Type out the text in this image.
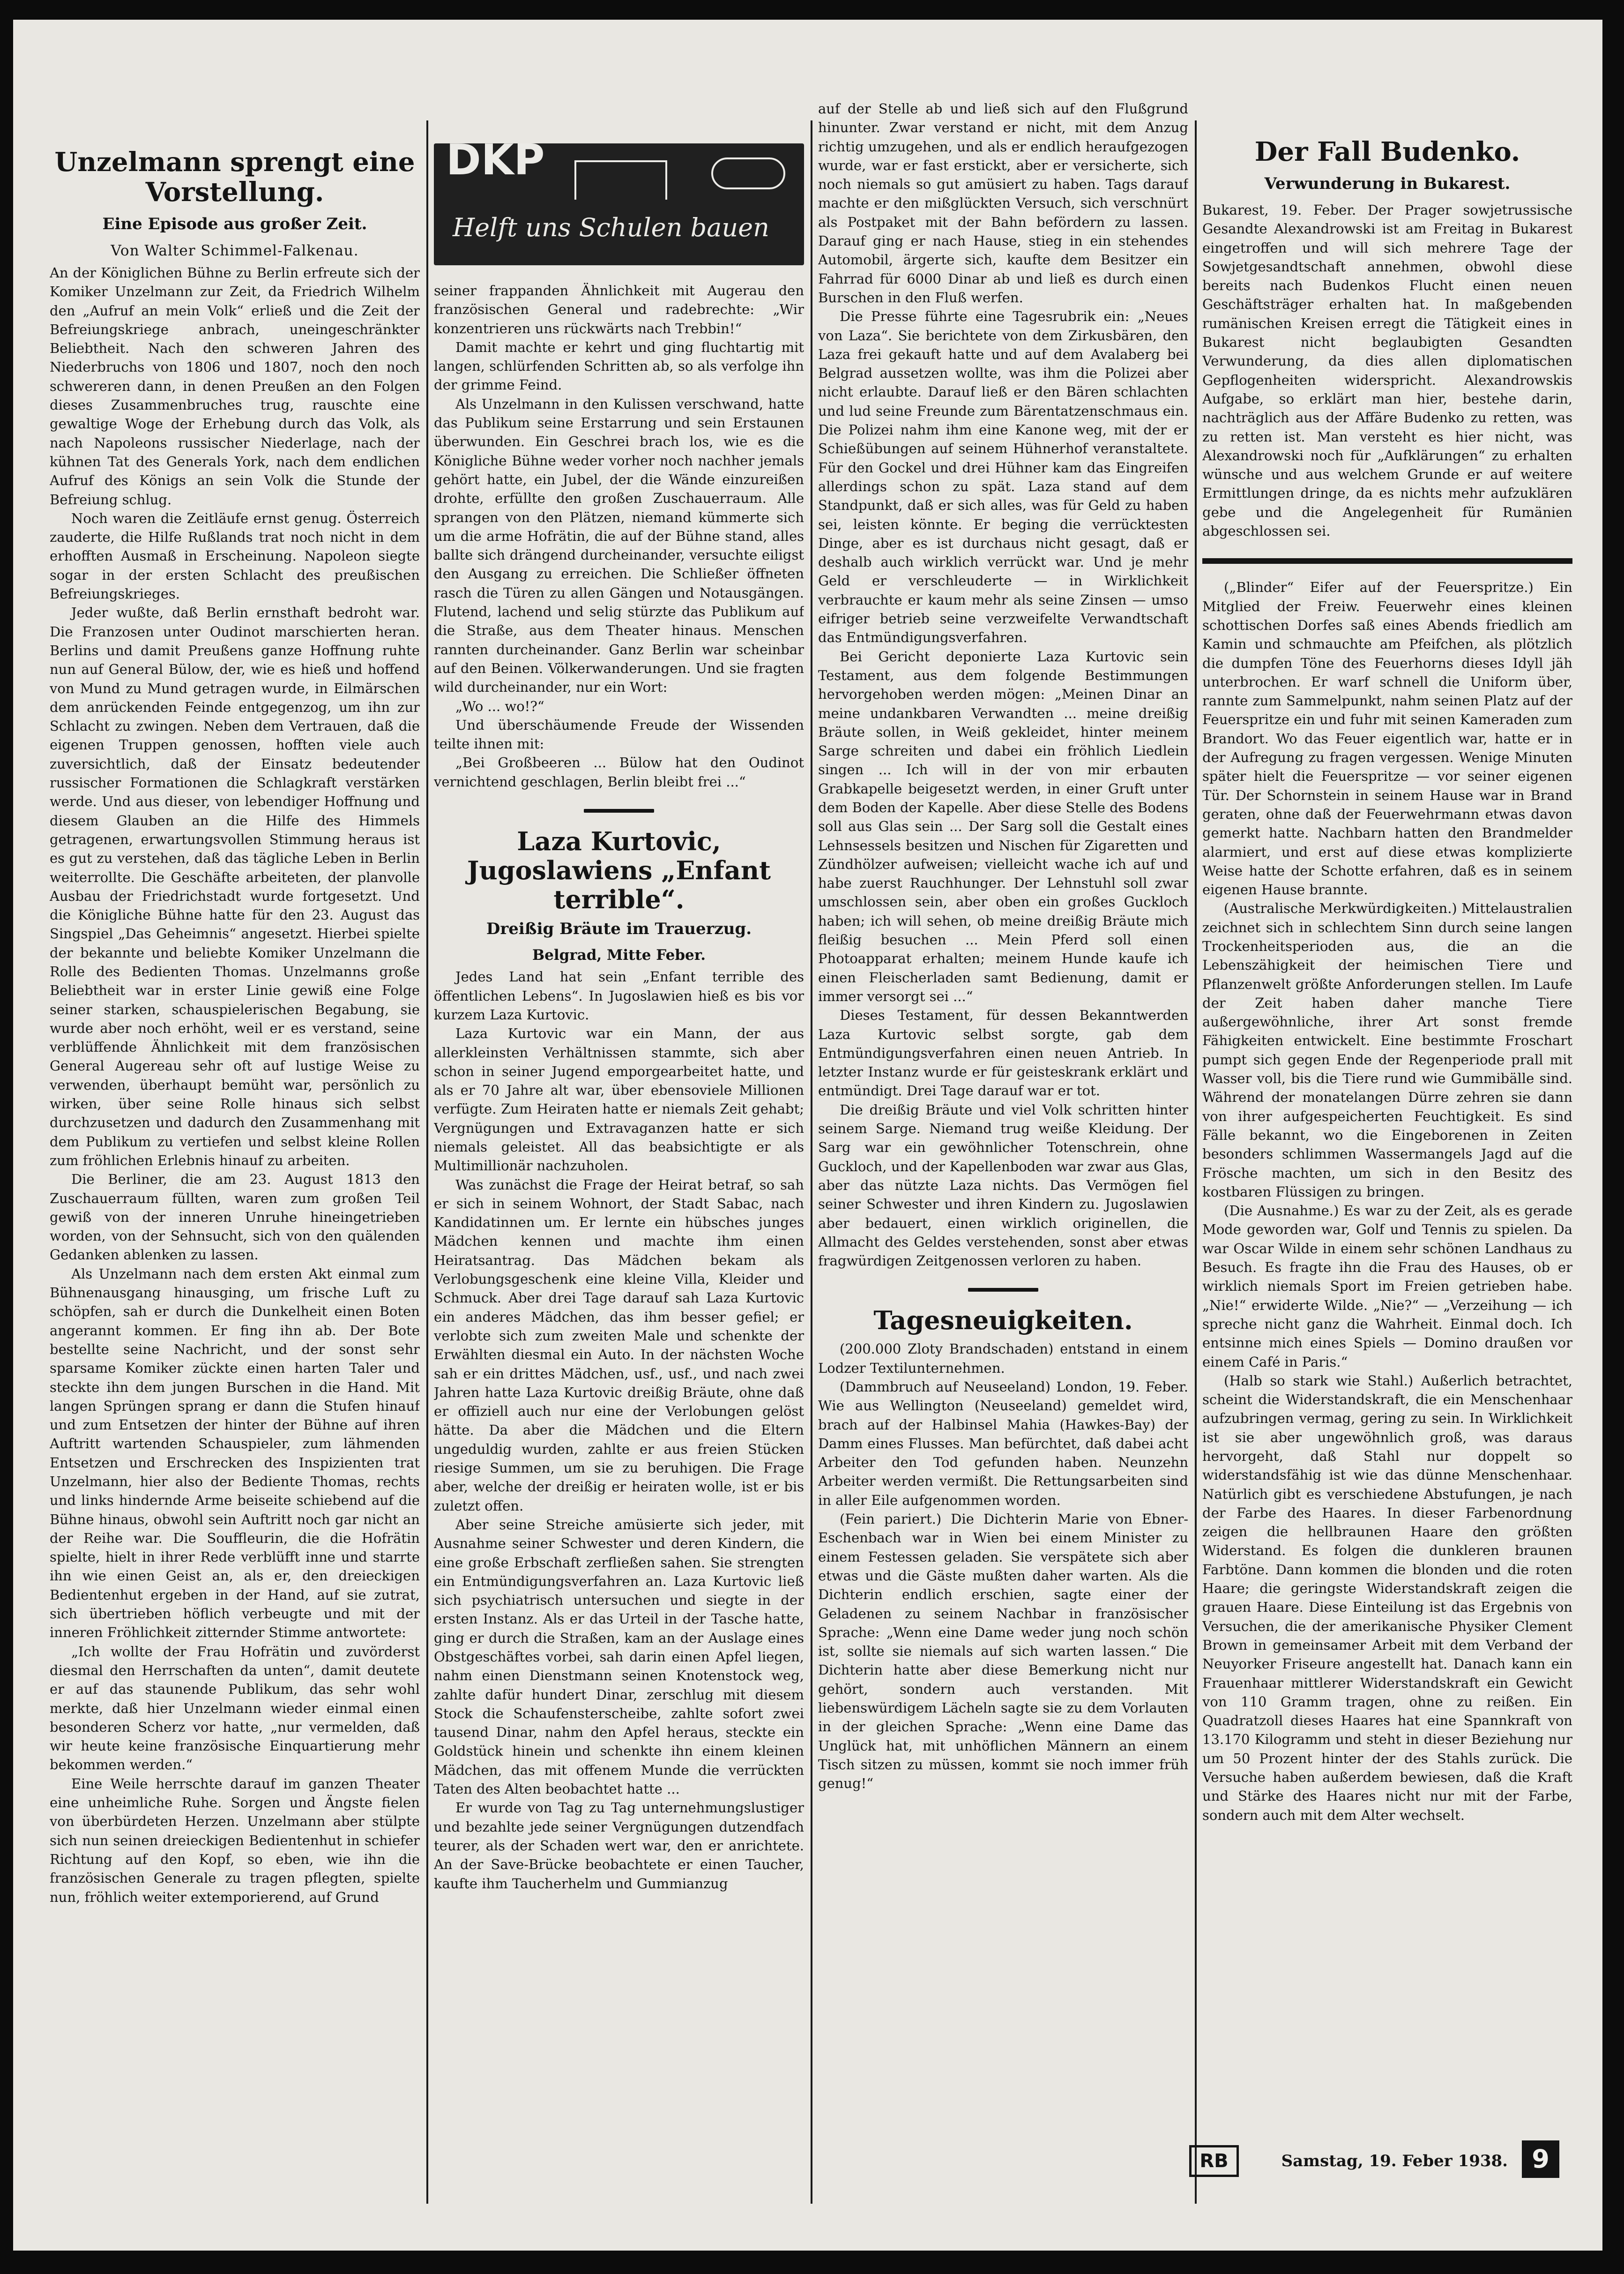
Unzelmann sprengt eine Vorstellung.
Eine Episode aus großer Zeit.
Von Walter Schimmel-Falkenau.

An der Königlichen Bühne zu Berlin erfreute sich der Komiker Unzelmann zur Zeit, da Friedrich Wilhelm den „Aufruf an mein Volk“ erließ und die Zeit der Befreiungskriege anbrach, uneingeschränkter Beliebtheit. Nach den schweren Jahren des Niederbruchs von 1806 und 1807, noch den noch schwereren dann, in denen Preußen an den Folgen dieses Zusammenbruches trug, rauschte eine gewaltige Woge der Erhebung durch das Volk, als nach Napoleons russischer Niederlage, nach der kühnen Tat des Generals York, nach dem endlichen Aufruf des Königs an sein Volk die Stunde der Befreiung schlug.

Noch waren die Zeitläufe ernst genug. Österreich zauderte, die Hilfe Rußlands trat noch nicht in dem erhofften Ausmaß in Erscheinung. Napoleon siegte sogar in der ersten Schlacht des preußischen Befreiungskrieges.

Jeder wußte, daß Berlin ernsthaft bedroht war. Die Franzosen unter Oudinot marschierten heran. Berlins und damit Preußens ganze Hoffnung ruhte nun auf General Bülow, der, wie es hieß und hoffend von Mund zu Mund getragen wurde, in Eilmärschen dem anrückenden Feinde entgegenzog, um ihn zur Schlacht zu zwingen. Neben dem Vertrauen, daß die eigenen Truppen genossen, hofften viele auch zuversichtlich, daß der Einsatz bedeutender russischer Formationen die Schlagkraft verstärken werde. Und aus dieser, von lebendiger Hoffnung und diesem Glauben an die Hilfe des Himmels getragenen, erwartungsvollen Stimmung heraus ist es gut zu verstehen, daß das tägliche Leben in Berlin weiterrollte. Die Geschäfte arbeiteten, der planvolle Ausbau der Friedrichstadt wurde fortgesetzt. Und die Königliche Bühne hatte für den 23. August das Singspiel „Das Geheimnis“ angesetzt. Hierbei spielte der bekannte und beliebte Komiker Unzelmann die Rolle des Bedienten Thomas. Unzelmanns große Beliebtheit war in erster Linie gewiß eine Folge seiner starken, schauspielerischen Begabung, sie wurde aber noch erhöht, weil er es verstand, seine verblüffende Ähnlichkeit mit dem französischen General Augereau sehr oft auf lustige Weise zu verwenden, überhaupt bemüht war, persönlich zu wirken, über seine Rolle hinaus sich selbst durchzusetzen und dadurch den Zusammenhang mit dem Publikum zu vertiefen und selbst kleine Rollen zum fröhlichen Erlebnis hinauf zu arbeiten.

Die Berliner, die am 23. August 1813 den Zuschauerraum füllten, waren zum großen Teil gewiß von der inneren Unruhe hineingetrieben worden, von der Sehnsucht, sich von den quälenden Gedanken ablenken zu lassen.

Als Unzelmann nach dem ersten Akt einmal zum Bühnenausgang hinausging, um frische Luft zu schöpfen, sah er durch die Dunkelheit einen Boten angerannt kommen. Er fing ihn ab. Der Bote bestellte seine Nachricht, und der sonst sehr sparsame Komiker zückte einen harten Taler und steckte ihn dem jungen Burschen in die Hand. Mit langen Sprüngen sprang er dann die Stufen hinauf und zum Entsetzen der hinter der Bühne auf ihren Auftritt wartenden Schauspieler, zum lähmenden Entsetzen und Erschrecken des Inspizienten trat Unzelmann, hier also der Bediente Thomas, rechts und links hindernde Arme beiseite schiebend auf die Bühne hinaus, obwohl sein Auftritt noch gar nicht an der Reihe war. Die Souffleurin, die die Hofrätin spielte, hielt in ihrer Rede verblüfft inne und starrte ihn wie einen Geist an, als er, den dreieckigen Bedientenhut ergeben in der Hand, auf sie zutrat, sich übertrieben höflich verbeugte und mit der inneren Fröhlichkeit zitternder Stimme antwortete:

„Ich wollte der Frau Hofrätin und zuvörderst diesmal den Herrschaften da unten“, damit deutete er auf das staunende Publikum, das sehr wohl merkte, daß hier Unzelmann wieder einmal einen besonderen Scherz vor hatte, „nur vermelden, daß wir heute keine französische Einquartierung mehr bekommen werden.“

Eine Weile herrschte darauf im ganzen Theater eine unheimliche Ruhe. Sorgen und Ängste fielen von überbürdeten Herzen. Unzelmann aber stülpte sich nun seinen dreieckigen Bedientenhut in schiefer Richtung auf den Kopf, so eben, wie ihn die französischen Generale zu tragen pflegten, spielte nun, fröhlich weiter extemporierend, auf Grund

DKP
Helft uns Schulen bauen

seiner frappanden Ähnlichkeit mit Augerau den französischen General und radebrechte: „Wir konzentrieren uns rückwärts nach Trebbin!“

Damit machte er kehrt und ging fluchtartig mit langen, schlürfenden Schritten ab, so als verfolge ihn der grimme Feind.

Als Unzelmann in den Kulissen verschwand, hatte das Publikum seine Erstarrung und sein Erstaunen überwunden. Ein Geschrei brach los, wie es die Königliche Bühne weder vorher noch nachher jemals gehört hatte, ein Jubel, der die Wände einzureißen drohte, erfüllte den großen Zuschauerraum. Alle sprangen von den Plätzen, niemand kümmerte sich um die arme Hofrätin, die auf der Bühne stand, alles ballte sich drängend durcheinander, versuchte eiligst den Ausgang zu erreichen. Die Schließer öffneten rasch die Türen zu allen Gängen und Notausgängen. Flutend, lachend und selig stürzte das Publikum auf die Straße, aus dem Theater hinaus. Menschen rannten durcheinander. Ganz Berlin war scheinbar auf den Beinen. Völkerwanderungen. Und sie fragten wild durcheinander, nur ein Wort:

„Wo ... wo!?“

Und überschäumende Freude der Wissenden teilte ihnen mit:

„Bei Großbeeren ... Bülow hat den Oudinot vernichtend geschlagen, Berlin bleibt frei ...“

Laza Kurtovic, Jugoslawiens „Enfant terrible“.
Dreißig Bräute im Trauerzug.
Belgrad, Mitte Feber.

Jedes Land hat sein „Enfant terrible des öffentlichen Lebens“. In Jugoslawien hieß es bis vor kurzem Laza Kurtovic.

Laza Kurtovic war ein Mann, der aus allerkleinsten Verhältnissen stammte, sich aber schon in seiner Jugend emporgearbeitet hatte, und als er 70 Jahre alt war, über ebensoviele Millionen verfügte. Zum Heiraten hatte er niemals Zeit gehabt; Vergnügungen und Extravaganzen hatte er sich niemals geleistet. All das beabsichtigte er als Multimillionär nachzuholen.

Was zunächst die Frage der Heirat betraf, so sah er sich in seinem Wohnort, der Stadt Sabac, nach Kandidatinnen um. Er lernte ein hübsches junges Mädchen kennen und machte ihm einen Heiratsantrag. Das Mädchen bekam als Verlobungsgeschenk eine kleine Villa, Kleider und Schmuck. Aber drei Tage darauf sah Laza Kurtovic ein anderes Mädchen, das ihm besser gefiel; er verlobte sich zum zweiten Male und schenkte der Erwählten diesmal ein Auto. In der nächsten Woche sah er ein drittes Mädchen, usf., usf., und nach zwei Jahren hatte Laza Kurtovic dreißig Bräute, ohne daß er offiziell auch nur eine der Verlobungen gelöst hätte. Da aber die Mädchen und die Eltern ungeduldig wurden, zahlte er aus freien Stücken riesige Summen, um sie zu beruhigen. Die Frage aber, welche der dreißig er heiraten wolle, ist er bis zuletzt offen.

Aber seine Streiche amüsierte sich jeder, mit Ausnahme seiner Schwester und deren Kindern, die eine große Erbschaft zerfließen sahen. Sie strengten ein Entmündigungsverfahren an. Laza Kurtovic ließ sich psychiatrisch untersuchen und siegte in der ersten Instanz. Als er das Urteil in der Tasche hatte, ging er durch die Straßen, kam an der Auslage eines Obstgeschäftes vorbei, sah darin einen Apfel liegen, nahm einen Dienstmann seinen Knotenstock weg, zahlte dafür hundert Dinar, zerschlug mit diesem Stock die Schaufensterscheibe, zahlte sofort zwei tausend Dinar, nahm den Apfel heraus, steckte ein Goldstück hinein und schenkte ihn einem kleinen Mädchen, das mit offenem Munde die verrückten Taten des Alten beobachtet hatte ...

Er wurde von Tag zu Tag unternehmungslustiger und bezahlte jede seiner Vergnügungen dutzendfach teurer, als der Schaden wert war, den er anrichtete. An der Save-Brücke beobachtete er einen Taucher, kaufte ihm Taucherhelm und Gummianzug

auf der Stelle ab und ließ sich auf den Flußgrund hinunter. Zwar verstand er nicht, mit dem Anzug richtig umzugehen, und als er endlich heraufgezogen wurde, war er fast erstickt, aber er versicherte, sich noch niemals so gut amüsiert zu haben. Tags darauf machte er den mißglückten Versuch, sich verschnürt als Postpaket mit der Bahn befördern zu lassen. Darauf ging er nach Hause, stieg in ein stehendes Automobil, ärgerte sich, kaufte dem Besitzer ein Fahrrad für 6000 Dinar ab und ließ es durch einen Burschen in den Fluß werfen.

Die Presse führte eine Tagesrubrik ein: „Neues von Laza“. Sie berichtete von dem Zirkusbären, den Laza frei gekauft hatte und auf dem Avalaberg bei Belgrad aussetzen wollte, was ihm die Polizei aber nicht erlaubte. Darauf ließ er den Bären schlachten und lud seine Freunde zum Bärentatzenschmaus ein. Die Polizei nahm ihm eine Kanone weg, mit der er Schießübungen auf seinem Hühnerhof veranstaltete. Für den Gockel und drei Hühner kam das Eingreifen allerdings schon zu spät. Laza stand auf dem Standpunkt, daß er sich alles, was für Geld zu haben sei, leisten könnte. Er beging die verrücktesten Dinge, aber es ist durchaus nicht gesagt, daß er deshalb auch wirklich verrückt war. Und je mehr Geld er verschleuderte — in Wirklichkeit verbrauchte er kaum mehr als seine Zinsen — umso eifriger betrieb seine verzweifelte Verwandtschaft das Entmündigungsverfahren.

Bei Gericht deponierte Laza Kurtovic sein Testament, aus dem folgende Bestimmungen hervorgehoben werden mögen: „Meinen Dinar an meine undankbaren Verwandten ... meine dreißig Bräute sollen, in Weiß gekleidet, hinter meinem Sarge schreiten und dabei ein fröhlich Liedlein singen ... Ich will in der von mir erbauten Grabkapelle beigesetzt werden, in einer Gruft unter dem Boden der Kapelle. Aber diese Stelle des Bodens soll aus Glas sein ... Der Sarg soll die Gestalt eines Lehnsessels besitzen und Nischen für Zigaretten und Zündhölzer aufweisen; vielleicht wache ich auf und habe zuerst Rauchhunger. Der Lehnstuhl soll zwar umschlossen sein, aber oben ein großes Guckloch haben; ich will sehen, ob meine dreißig Bräute mich fleißig besuchen ... Mein Pferd soll einen Photoapparat erhalten; meinem Hunde kaufe ich einen Fleischerladen samt Bedienung, damit er immer versorgt sei ...“

Dieses Testament, für dessen Bekanntwerden Laza Kurtovic selbst sorgte, gab dem Entmündigungsverfahren einen neuen Antrieb. In letzter Instanz wurde er für geisteskrank erklärt und entmündigt. Drei Tage darauf war er tot.

Die dreißig Bräute und viel Volk schritten hinter seinem Sarge. Niemand trug weiße Kleidung. Der Sarg war ein gewöhnlicher Totenschrein, ohne Guckloch, und der Kapellenboden war zwar aus Glas, aber das nützte Laza nichts. Das Vermögen fiel seiner Schwester und ihren Kindern zu. Jugoslawien aber bedauert, einen wirklich originellen, die Allmacht des Geldes verstehenden, sonst aber etwas fragwürdigen Zeitgenossen verloren zu haben.

Tagesneuigkeiten.

(200.000 Zloty Brandschaden) entstand in einem Lodzer Textilunternehmen.

(Dammbruch auf Neuseeland) London, 19. Feber. Wie aus Wellington (Neuseeland) gemeldet wird, brach auf der Halbinsel Mahia (Hawkes-Bay) der Damm eines Flusses. Man befürchtet, daß dabei acht Arbeiter den Tod gefunden haben. Neunzehn Arbeiter werden vermißt. Die Rettungsarbeiten sind in aller Eile aufgenommen worden.

(Fein pariert.) Die Dichterin Marie von Ebner-Eschenbach war in Wien bei einem Minister zu einem Festessen geladen. Sie verspätete sich aber etwas und die Gäste mußten daher warten. Als die Dichterin endlich erschien, sagte einer der Geladenen zu seinem Nachbar in französischer Sprache: „Wenn eine Dame weder jung noch schön ist, sollte sie niemals auf sich warten lassen.“ Die Dichterin hatte aber diese Bemerkung nicht nur gehört, sondern auch verstanden. Mit liebenswürdigem Lächeln sagte sie zu dem Vorlauten in der gleichen Sprache: „Wenn eine Dame das Unglück hat, mit unhöflichen Männern an einem Tisch sitzen zu müssen, kommt sie noch immer früh genug!“

Der Fall Budenko.
Verwunderung in Bukarest.

Bukarest, 19. Feber. Der Prager sowjetrussische Gesandte Alexandrowski ist am Freitag in Bukarest eingetroffen und will sich mehrere Tage der Sowjetgesandtschaft annehmen, obwohl diese bereits nach Budenkos Flucht einen neuen Geschäftsträger erhalten hat. In maßgebenden rumänischen Kreisen erregt die Tätigkeit eines in Bukarest nicht beglaubigten Gesandten Verwunderung, da dies allen diplomatischen Gepflogenheiten widerspricht. Alexandrowskis Aufgabe, so erklärt man hier, bestehe darin, nachträglich aus der Affäre Budenko zu retten, was zu retten ist. Man versteht es hier nicht, was Alexandrowski noch für „Aufklärungen“ zu erhalten wünsche und aus welchem Grunde er auf weitere Ermittlungen dringe, da es nichts mehr aufzuklären gebe und die Angelegenheit für Rumänien abgeschlossen sei.

(„Blinder“ Eifer auf der Feuerspritze.) Ein Mitglied der Freiw. Feuerwehr eines kleinen schottischen Dorfes saß eines Abends friedlich am Kamin und schmauchte am Pfeifchen, als plötzlich die dumpfen Töne des Feuerhorns dieses Idyll jäh unterbrochen. Er warf schnell die Uniform über, rannte zum Sammelpunkt, nahm seinen Platz auf der Feuerspritze ein und fuhr mit seinen Kameraden zum Brandort. Wo das Feuer eigentlich war, hatte er in der Aufregung zu fragen vergessen. Wenige Minuten später hielt die Feuerspritze — vor seiner eigenen Tür. Der Schornstein in seinem Hause war in Brand geraten, ohne daß der Feuerwehrmann etwas davon gemerkt hatte. Nachbarn hatten den Brandmelder alarmiert, und erst auf diese etwas komplizierte Weise hatte der Schotte erfahren, daß es in seinem eigenen Hause brannte.

(Australische Merkwürdigkeiten.) Mittelaustralien zeichnet sich in schlechtem Sinn durch seine langen Trockenheitsperioden aus, die an die Lebenszähigkeit der heimischen Tiere und Pflanzenwelt größte Anforderungen stellen. Im Laufe der Zeit haben daher manche Tiere außergewöhnliche, ihrer Art sonst fremde Fähigkeiten entwickelt. Eine bestimmte Froschart pumpt sich gegen Ende der Regenperiode prall mit Wasser voll, bis die Tiere rund wie Gummibälle sind. Während der monatelangen Dürre zehren sie dann von ihrer aufgespeicherten Feuchtigkeit. Es sind Fälle bekannt, wo die Eingeborenen in Zeiten besonders schlimmen Wassermangels Jagd auf die Frösche machten, um sich in den Besitz des kostbaren Flüssigen zu bringen.

(Die Ausnahme.) Es war zu der Zeit, als es gerade Mode geworden war, Golf und Tennis zu spielen. Da war Oscar Wilde in einem sehr schönen Landhaus zu Besuch. Es fragte ihn die Frau des Hauses, ob er wirklich niemals Sport im Freien getrieben habe. „Nie!“ erwiderte Wilde. „Nie?“ — „Verzeihung — ich spreche nicht ganz die Wahrheit. Einmal doch. Ich entsinne mich eines Spiels — Domino draußen vor einem Café in Paris.“

(Halb so stark wie Stahl.) Außerlich betrachtet, scheint die Widerstandskraft, die ein Menschenhaar aufzubringen vermag, gering zu sein. In Wirklichkeit ist sie aber ungewöhnlich groß, was daraus hervorgeht, daß Stahl nur doppelt so widerstandsfähig ist wie das dünne Menschenhaar. Natürlich gibt es verschiedene Abstufungen, je nach der Farbe des Haares. In dieser Farbenordnung zeigen die hellbraunen Haare den größten Widerstand. Es folgen die dunkleren braunen Farbtöne. Dann kommen die blonden und die roten Haare; die geringste Widerstandskraft zeigen die grauen Haare. Diese Einteilung ist das Ergebnis von Versuchen, die der amerikanische Physiker Clement Brown in gemeinsamer Arbeit mit dem Verband der Neuyorker Friseure angestellt hat. Danach kann ein Frauenhaar mittlerer Widerstandskraft ein Gewicht von 110 Gramm tragen, ohne zu reißen. Ein Quadratzoll dieses Haares hat eine Spannkraft von 13.170 Kilogramm und steht in dieser Beziehung nur um 50 Prozent hinter der des Stahls zurück. Die Versuche haben außerdem bewiesen, daß die Kraft und Stärke des Haares nicht nur mit der Farbe, sondern auch mit dem Alter wechselt.

RB	Samstag, 19. Feber 1938. 9
